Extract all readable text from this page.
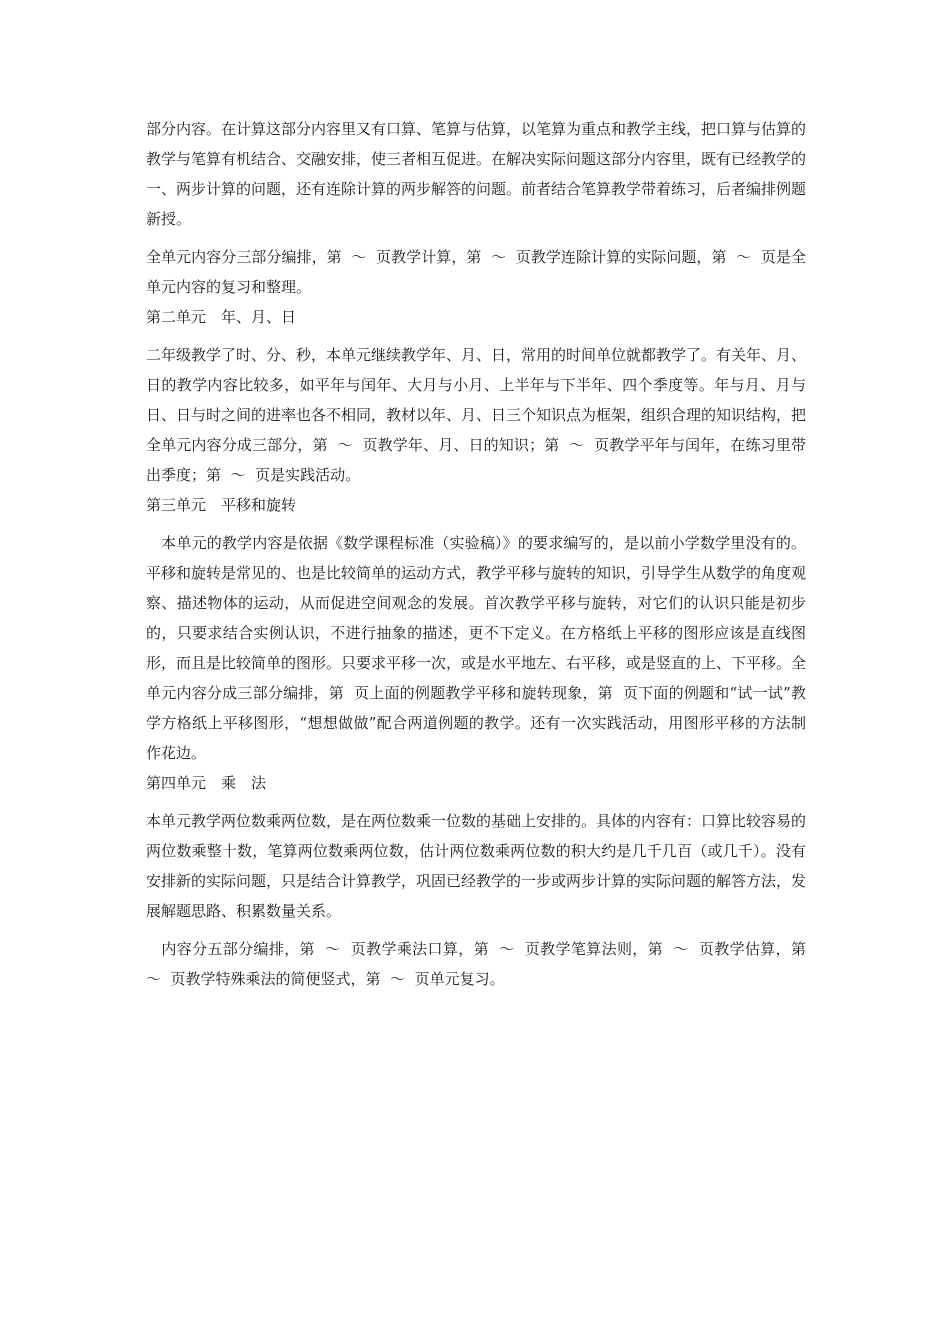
部分内容。在计算这部分内容里又有口算、笔算与估算，以笔算为重点和教学主线，把口算与估算的教学与笔算有机结合、交融安排，使三者相互促进。在解决实际问题这部分内容里，既有已经教学的一、两步计算的问题，还有连除计算的两步解答的问题。前者结合笔算教学带着练习，后者编排例题新授。

全单元内容分三部分编排，第  ～  页教学计算，第  ～  页教学连除计算的实际问题，第  ～  页是全单元内容的复习和整理。

第二单元　年、月、日

二年级教学了时、分、秒，本单元继续教学年、月、日，常用的时间单位就都教学了。有关年、月、日的教学内容比较多，如平年与闰年、大月与小月、上半年与下半年、四个季度等。年与月、月与日、日与时之间的进率也各不相同，教材以年、月、日三个知识点为框架，组织合理的知识结构，把全单元内容分成三部分，第  ～  页教学年、月、日的知识；第  ～  页教学平年与闰年，在练习里带出季度；第  ～  页是实践活动。

第三单元　平移和旋转

　本单元的教学内容是依据《数学课程标准（实验稿）》的要求编写的，是以前小学数学里没有的。平移和旋转是常见的、也是比较简单的运动方式，教学平移与旋转的知识，引导学生从数学的角度观察、描述物体的运动，从而促进空间观念的发展。首次教学平移与旋转，对它们的认识只能是初步的，只要求结合实例认识，不进行抽象的描述，更不下定义。在方格纸上平移的图形应该是直线图形，而且是比较简单的图形。只要求平移一次，或是水平地左、右平移，或是竖直的上、下平移。全单元内容分成三部分编排，第  页上面的例题教学平移和旋转现象，第  页下面的例题和“试一试”教学方格纸上平移图形，“想想做做”配合两道例题的教学。还有一次实践活动，用图形平移的方法制作花边。

第四单元　乘　法

本单元教学两位数乘两位数，是在两位数乘一位数的基础上安排的。具体的内容有：口算比较容易的两位数乘整十数，笔算两位数乘两位数，估计两位数乘两位数的积大约是几千几百（或几千）。没有安排新的实际问题，只是结合计算教学，巩固已经教学的一步或两步计算的实际问题的解答方法，发展解题思路、积累数量关系。

　内容分五部分编排，第  ～  页教学乘法口算，第  ～  页教学笔算法则，第  ～  页教学估算，第  ～  页教学特殊乘法的简便竖式，第  ～  页单元复习。
